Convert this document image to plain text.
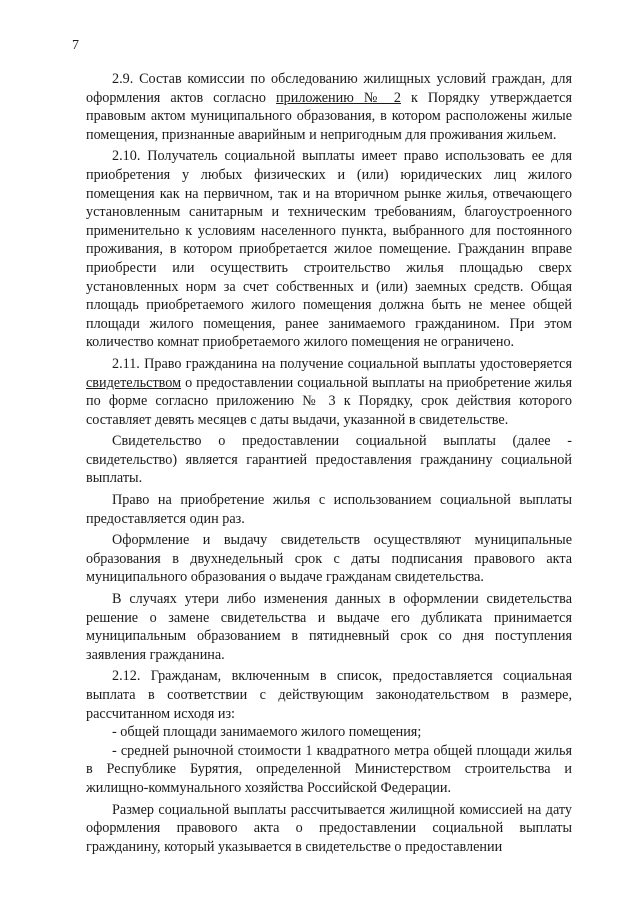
7

2.9. Состав комиссии по обследованию жилищных условий граждан, для оформления актов согласно приложению № 2 к Порядку утверждается правовым актом муниципального образования, в котором расположены жилые помещения, признанные аварийным и непригодным для проживания жильем.

2.10. Получатель социальной выплаты имеет право использовать ее для приобретения у любых физических и (или) юридических лиц жилого помещения как на первичном, так и на вторичном рынке жилья, отвечающего установленным санитарным и техническим требованиям, благоустроенного применительно к условиям населенного пункта, выбранного для постоянного проживания, в котором приобретается жилое помещение. Гражданин вправе приобрести или осуществить строительство жилья площадью сверх установленных норм за счет собственных и (или) заемных средств. Общая площадь приобретаемого жилого помещения должна быть не менее общей площади жилого помещения, ранее занимаемого гражданином. При этом количество комнат приобретаемого жилого помещения не ограничено.

2.11. Право гражданина на получение социальной выплаты удостоверяется свидетельством о предоставлении социальной выплаты на приобретение жилья по форме согласно приложению № 3 к Порядку, срок действия которого составляет девять месяцев с даты выдачи, указанной в свидетельстве.

Свидетельство о предоставлении социальной выплаты (далее - свидетельство) является гарантией предоставления гражданину социальной выплаты.

Право на приобретение жилья с использованием социальной выплаты предоставляется один раз.

Оформление и выдачу свидетельств осуществляют муниципальные образования в двухнедельный срок с даты подписания правового акта муниципального образования о выдаче гражданам свидетельства.

В случаях утери либо изменения данных в оформлении свидетельства решение о замене свидетельства и выдаче его дубликата принимается муниципальным образованием в пятидневный срок со дня поступления заявления гражданина.

2.12. Гражданам, включенным в список, предоставляется социальная выплата в соответствии с действующим законодательством в размере, рассчитанном исходя из:

- общей площади занимаемого жилого помещения;

- средней рыночной стоимости 1 квадратного метра общей площади жилья в Республике Бурятия, определенной Министерством строительства и жилищно-коммунального хозяйства Российской Федерации.

Размер социальной выплаты рассчитывается жилищной комиссией на дату оформления правового акта о предоставлении социальной выплаты гражданину, который указывается в свидетельстве о предоставлении
